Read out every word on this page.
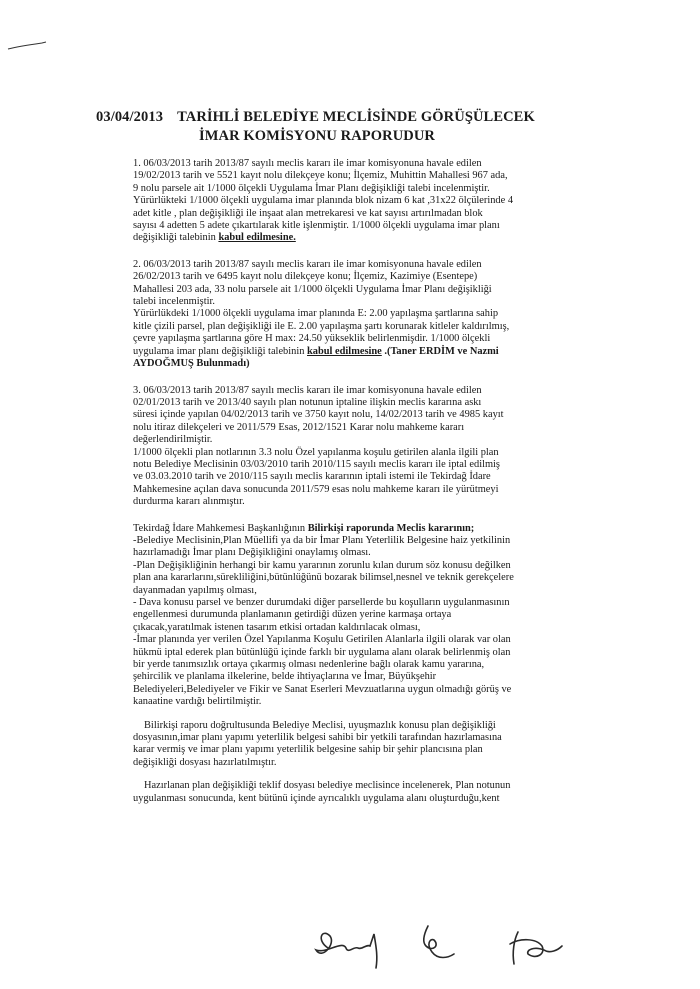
03/04/2013 TARİHLİ BELEDİYE MECLİSİNDE GÖRÜŞÜLECEK
İMAR KOMİSYONU RAPORUDUR

1. 06/03/2013 tarih 2013/87 sayılı meclis kararı ile imar komisyonuna havale edilen

19/02/2013 tarih ve 5521 kayıt nolu dilekçeye konu; İlçemiz, Muhittin Mahallesi 967 ada,

9 nolu parsele ait 1/1000 ölçekli Uygulama İmar Planı değişikliği talebi incelenmiştir.

Yürürlükteki 1/1000 ölçekli uygulama imar planında blok nizam 6 kat ,31x22 ölçülerinde 4

adet kitle , plan değişikliği ile inşaat alan metrekaresi ve kat sayısı artırılmadan blok

sayısı 4 adetten 5 adete çıkartılarak kitle işlenmiştir. 1/1000 ölçekli uygulama imar planı

değişikliği talebinin kabul edilmesine.

2. 06/03/2013 tarih 2013/87 sayılı meclis kararı ile imar komisyonuna havale edilen

26/02/2013 tarih ve 6495 kayıt nolu dilekçeye konu; İlçemiz, Kazimiye (Esentepe)

Mahallesi 203 ada, 33 nolu parsele ait 1/1000 ölçekli Uygulama İmar Planı değişikliği

talebi incelenmiştir.

Yürürlükdeki 1/1000 ölçekli uygulama imar planında E: 2.00 yapılaşma şartlarına sahip

kitle çizili parsel, plan değişikliği ile E. 2.00 yapılaşma şartı korunarak kitleler kaldırılmış,

çevre yapılaşma şartlarına göre H max: 24.50 yükseklik belirlenmişdir. 1/1000 ölçekli

uygulama imar planı değişikliği talebinin kabul edilmesine .(Taner ERDİM ve Nazmi

AYDOĞMUŞ Bulunmadı)

3. 06/03/2013 tarih 2013/87 sayılı meclis kararı ile imar komisyonuna havale edilen

02/01/2013 tarih ve 2013/40 sayılı plan notunun iptaline ilişkin meclis kararına askı

süresi içinde yapılan 04/02/2013 tarih ve 3750 kayıt nolu, 14/02/2013 tarih ve 4985 kayıt

nolu itiraz dilekçeleri ve 2011/579 Esas, 2012/1521 Karar nolu mahkeme kararı

değerlendirilmiştir.

1/1000 ölçekli plan notlarının 3.3 nolu Özel yapılanma koşulu getirilen alanla ilgili plan

notu Belediye Meclisinin 03/03/2010 tarih 2010/115 sayılı meclis kararı ile iptal edilmiş

ve 03.03.2010 tarih ve 2010/115 sayılı meclis kararının iptali istemi ile Tekirdağ İdare

Mahkemesine açılan dava sonucunda 2011/579 esas nolu mahkeme kararı ile yürütmeyi

durdurma kararı alınmıştır.

Tekirdağ İdare Mahkemesi Başkanlığının Bilirkişi raporunda Meclis kararının;

-Belediye Meclisinin,Plan Müellifi ya da bir İmar Planı Yeterlilik Belgesine haiz yetkilinin

hazırlamadığı İmar planı Değişikliğini onaylamış olması.

-Plan Değişikliğinin herhangi bir kamu yararının zorunlu kılan durum söz konusu değilken

plan ana kararlarını,sürekliliğini,bütünlüğünü bozarak bilimsel,nesnel ve teknik gerekçelere

dayanmadan yapılmış olması,

- Dava konusu parsel ve benzer durumdaki diğer parsellerde bu koşulların uygulanmasının

engellenmesi durumunda planlamanın getirdiği düzen yerine karmaşa ortaya

çıkacak,yaratılmak istenen tasarım etkisi ortadan kaldırılacak olması,

-İmar planında yer verilen Özel Yapılanma Koşulu Getirilen Alanlarla ilgili olarak var olan

hükmü iptal ederek plan bütünlüğü içinde farklı bir uygulama alanı olarak belirlenmiş olan

bir yerde tanımsızlık ortaya çıkarmış olması nedenlerine bağlı olarak kamu yararına,

şehircilik ve planlama ilkelerine, belde ihtiyaçlarına ve İmar, Büyükşehir

Belediyeleri,Belediyeler ve Fikir ve Sanat Eserleri Mevzuatlarına uygun olmadığı görüş ve

kanaatine vardığı belirtilmiştir.

Bilirkişi raporu doğrultusunda Belediye Meclisi, uyuşmazlık konusu plan değişikliği

dosyasının,imar planı yapımı yeterlilik belgesi sahibi bir yetkili tarafından hazırlamasına

karar vermiş ve imar planı yapımı yeterlilik belgesine sahip bir şehir plancısına plan

değişikliği dosyası hazırlatılmıştır.

Hazırlanan plan değişikliği teklif dosyası belediye meclisince incelenerek, Plan notunun

uygulanması sonucunda, kent bütünü içinde ayrıcalıklı uygulama alanı oluşturduğu,kent
